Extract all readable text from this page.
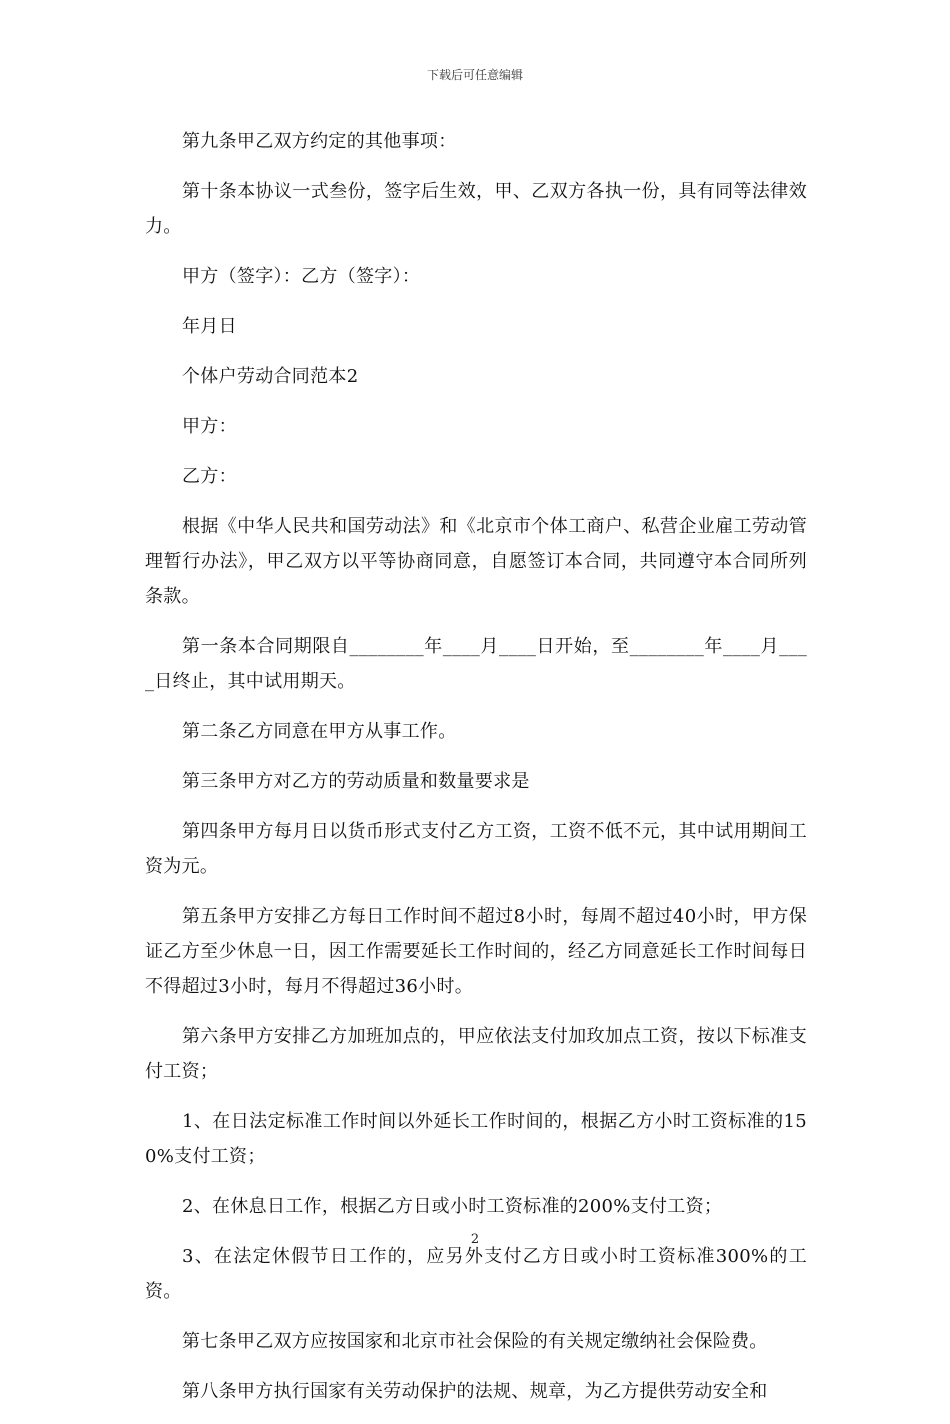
下载后可任意编辑

第九条甲乙双方约定的其他事项：

第十条本协议一式叁份，签字后生效，甲、乙双方各执一份，具有同等法律效力。

甲方（签字）：乙方（签字）：

年月日

个体户劳动合同范本2

甲方：

乙方：

根据《中华人民共和国劳动法》和《北京市个体工商户、私营企业雇工劳动管理暂行办法》，甲乙双方以平等协商同意，自愿签订本合同，共同遵守本合同所列条款。

第一条本合同期限自________年____月____日开始，至________年____月____日终止，其中试用期天。

第二条乙方同意在甲方从事工作。

第三条甲方对乙方的劳动质量和数量要求是

第四条甲方每月日以货币形式支付乙方工资，工资不低不元，其中试用期间工资为元。

第五条甲方安排乙方每日工作时间不超过8小时，每周不超过40小时，甲方保证乙方至少休息一日，因工作需要延长工作时间的，经乙方同意延长工作时间每日不得超过3小时，每月不得超过36小时。

第六条甲方安排乙方加班加点的，甲应依法支付加玫加点工资，按以下标准支付工资；

1、在日法定标准工作时间以外延长工作时间的，根据乙方小时工资标准的150%支付工资；

2、在休息日工作，根据乙方日或小时工资标准的200%支付工资；

3、在法定休假节日工作的，应另外支付乙方日或小时工资标准300%的工资。

第七条甲乙双方应按国家和北京市社会保险的有关规定缴纳社会保险费。

第八条甲方执行国家有关劳动保护的法规、规章，为乙方提供劳动安全和

2
